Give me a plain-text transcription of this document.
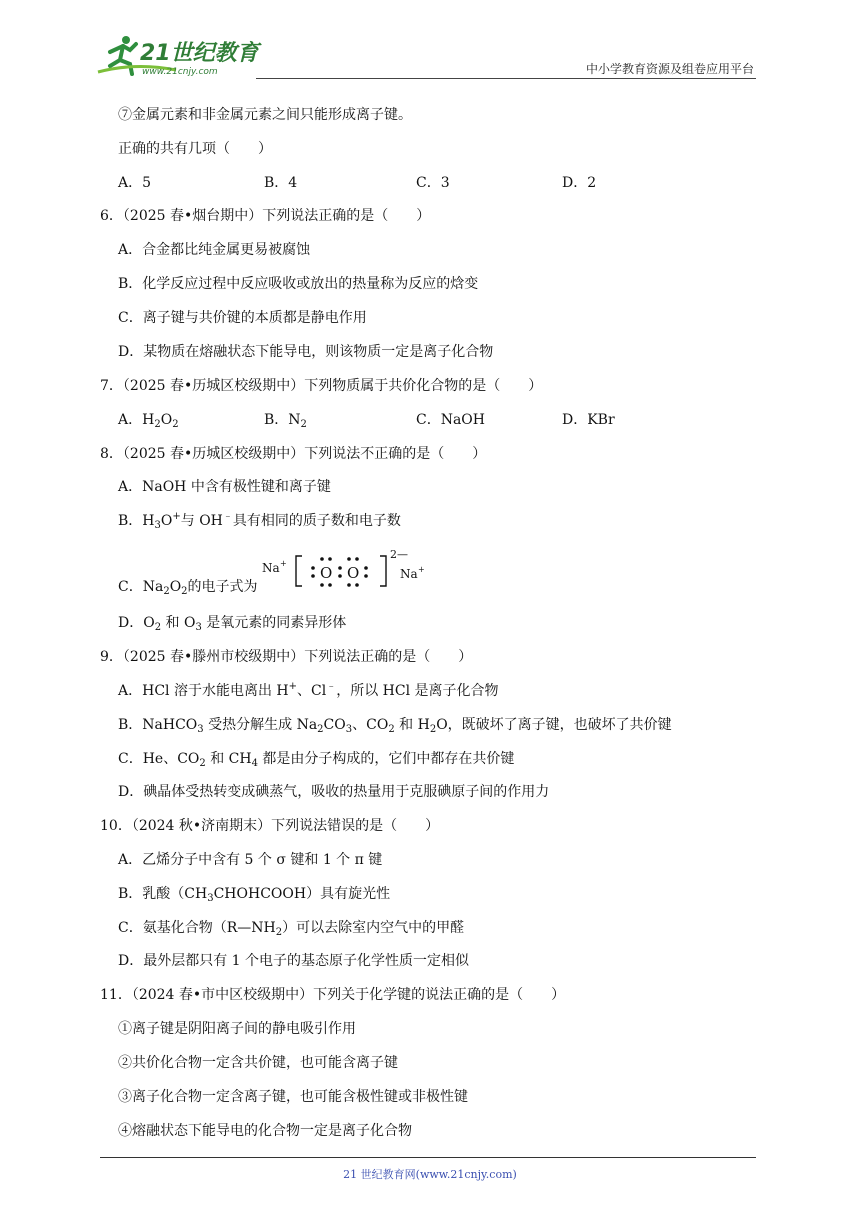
21世纪教育
www.21cnjy.com	中小学教育资源及组卷应用平台
⑦金属元素和非金属元素之间只能形成离子键。
正确的共有几项（　　）
A．5	B．4	C．3	D．2
6．（2025 春•烟台期中）下列说法正确的是（　　）
A．合金都比纯金属更易被腐蚀
B．化学反应过程中反应吸收或放出的热量称为反应的焓变
C．离子键与共价键的本质都是静电作用
D．某物质在熔融状态下能导电，则该物质一定是离子化合物
7．（2025 春•历城区校级期中）下列物质属于共价化合物的是（　　）
A．$H_2O_2$	B．$N_2$	C．NaOH	D．KBr
8．（2025 春•历城区校级期中）下列说法不正确的是（　　）
A．NaOH 中含有极性键和离子键
B．$H_3O^+$与 OH﹣具有相同的质子数和电子数
C．$Na_2O_2$的电子式为
Na +
O O
2—
Na +
D．$O_2$ 和 $O_3$ 是氧元素的同素异形体
9．（2025 春•滕州市校级期中）下列说法正确的是（　　）
A．HCl 溶于水能电离出 H+、Cl﹣，所以 HCl 是离子化合物
B．NaHCO$_3$ 受热分解生成 $Na_2CO_3$、$CO_2$ 和 $H_2O$，既破坏了离子键，也破坏了共价键
C．He、$CO_2$ 和 $CH_4$ 都是由分子构成的，它们中都存在共价键
D．碘晶体受热转变成碘蒸气，吸收的热量用于克服碘原子间的作用力
10．（2024 秋•济南期末）下列说法错误的是（　　）
A．乙烯分子中含有 5 个 σ 键和 1 个 π 键
B．乳酸$(CH_3CHOHCOOH)$具有旋光性
C．氨基化合物$(R—NH_2)$可以去除室内空气中的甲醛
D．最外层都只有 1 个电子的基态原子化学性质一定相似
11．（2024 春•市中区校级期中）下列关于化学键的说法正确的是（　　）
①离子键是阴阳离子间的静电吸引作用
②共价化合物一定含共价键，也可能含离子键
③离子化合物一定含离子键，也可能含极性键或非极性键
④熔融状态下能导电的化合物一定是离子化合物
21 世纪教育网(www.21cnjy.com)
